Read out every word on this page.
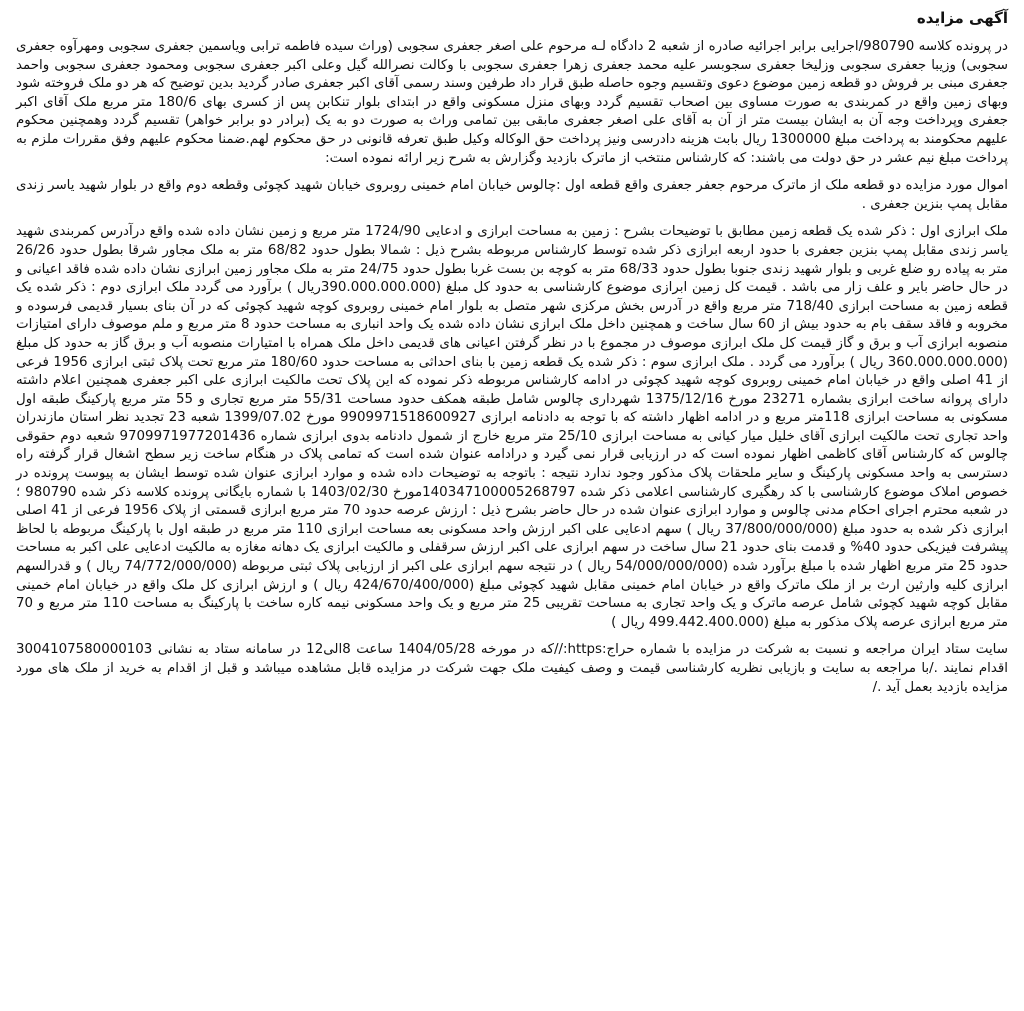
آگهی مزایده

در پرونده کلاسه 980790/اجرایی برابر اجرائیه صادره از شعبه 2 دادگاه لـه مرحوم علی اصغر جعفری سجوبی (وراث سیده فاطمه ترابی ویاسمین جعفری سجوبی ومهرآوه جعفری سجوبی) وزیبا جعفری سجوبی وزلیخا جعفری سجوبسر علیه محمد جعفری زهرا جعفری سجوبی با وکالت نصرالله گیل وعلی اکبر جعفری سجوبی ومحمود جعفری سجوبی واحمد جعفری مبنی بر فروش دو قطعه زمین موضوع دعوی وتقسیم وجوه حاصله طبق قرار داد طرفین وسند رسمی آقای اکبر جعفری صادر گردید بدین توضیح که هر دو ملک فروخته شود وبهای زمین واقع در کمربندی به صورت مساوی بین اصحاب تقسیم گردد وبهای منزل مسکونی واقع در ابتدای بلوار تنکابن پس از کسری بهای 180/6 متر مربع ملک آقای اکبر جعفری وپرداخت وجه آن به ایشان بیست متر از آن به آقای علی اصغر جعفری مابقی بین تمامی وراث به صورت دو به یک (برادر دو برابر خواهر) تقسیم گردد وهمچنین محکوم علیهم محکومند به پرداخت مبلغ 1300000 ریال بابت هزینه دادرسی ونیز پرداخت حق الوکاله وکیل طبق تعرفه قانونی در حق محکوم لهم.ضمنا محکوم علیهم وفق مقررات ملزم به پرداخت مبلغ نیم عشر در حق دولت می باشند: که کارشناس منتخب از ماترک بازدید وگزارش به شرح زیر ارائه نموده است:

اموال مورد مزایده دو قطعه ملک از ماترک مرحوم جعفر جعفری واقع قطعه اول :چالوس خیابان امام خمینی روبروی خیابان شهید کچوئی وقطعه دوم واقع در بلوار شهید یاسر زندی مقابل پمپ بنزین جعفری .

ملک ابرازی اول : ذکر شده یک قطعه زمین مطابق با توضیحات بشرح : زمین به مساحت ابرازی و ادعایی 1724/90 متر مربع و زمین نشان داده شده واقع درآدرس کمربندی شهید یاسر زندی مقابل پمپ بنزین جعفری با حدود اربعه ابرازی ذکر شده توسط کارشناس مربوطه بشرح ذیل : شمالا بطول حدود 68/82 متر به ملک مجاور شرقا بطول حدود 26/26 متر به پیاده رو ضلع غربی و بلوار شهید زندی جنوبا بطول حدود 68/33 متر به کوچه بن بست غربا بطول حدود 24/75 متر به ملک مجاور زمین ابرازی نشان داده شده فاقد اعیانی و در حال حاضر بایر و علف زار می باشد . قیمت کل زمین ابرازی موضوع کارشناسی به حدود کل مبلغ (390.000.000.000ریال ) برآورد می گردد ملک ابرازی دوم : ذکر شده یک قطعه زمین به مساحت ابرازی 718/40 متر مربع واقع در آدرس بخش مرکزی شهر متصل به بلوار امام خمینی روبروی کوچه شهید کچوئی که در آن بنای بسیار قدیمی فرسوده و مخروبه و فاقد سقف بام به حدود بیش از 60 سال ساخت و همچنین داخل ملک ابرازی نشان داده شده یک واحد انباری به مساحت حدود 8 متر مربع و ملم موصوف دارای امتیازات منصوبه ابرازی آب و برق و گاز قیمت کل ملک ابرازی موصوف در مجموع با در نظر گرفتن اعیانی های قدیمی داخل ملک همراه با امتیارات منصوبه آب و برق گاز به حدود کل مبلغ (360.000.000.000 ریال ) برآورد می گردد . ملک ابرازی سوم : ذکر شده یک قطعه زمین با بنای احداثی به مساحت حدود 180/60 متر مربع تحت پلاک ثبتی ابرازی 1956 فرعی از 41 اصلی واقع در خیابان امام خمینی روبروی کوچه شهید کچوئی در ادامه کارشناس مربوطه ذکر نموده که این پلاک تحت مالکیت ابرازی علی اکبر جعفری همچنین اعلام داشته دارای پروانه ساخت ابرازی بشماره 23271 مورخ 1375/12/16 شهرداری چالوس شامل طبقه همکف حدود مساحت 55/31 متر مربع تجاری و 55 متر مربع پارکینگ طبقه اول مسکونی به مساحت ابرازی 118متر مربع و در ادامه اظهار داشته که با توجه به دادنامه ابرازی 9909971518600927 مورخ 1399/07.02 شعبه 23 تجدید نظر استان مازندران واحد تجاری تحت مالکیت ابرازی آقای خلیل میار کیانی به مساحت ابرازی 25/10 متر مربع خارج از شمول دادنامه بدوی ابرازی شماره 9709971977201436 شعبه دوم حقوقی چالوس که کارشناس آقای کاظمی اظهار نموده است که در ارزیابی قرار نمی گیرد و درادامه عنوان شده است که تمامی پلاک در هنگام ساخت زیر سطح اشغال قرار گرفته راه دسترسی به واحد مسکونی پارکینگ و سایر ملحقات پلاک مذکور وجود ندارد نتیجه : باتوجه به توضیحات داده شده و موارد ابرازی عنوان شده توسط ایشان به پیوست پرونده در خصوص املاک موضوع کارشناسی با کد رهگیری کارشناسی اعلامی ذکر شده 140347100005268797مورخ 1403/02/30 با شماره بایگانی پرونده کلاسه ذکر شده 980790 ؛ در شعبه محترم اجرای احکام مدنی چالوس و موارد ابرازی عنوان شده در حال حاضر بشرح ذیل : ارزش عرصه حدود 70 متر مربع ابرازی قسمتی از پلاک 1956 فرعی از 41 اصلی ابرازی ذکر شده به حدود مبلغ (37/800/000/000 ریال ) سهم ادعایی علی اکبر ارزش واحد مسکونی بعه مساحت ابرازی 110 متر مربع در طبقه اول با پارکینگ مربوطه با لحاظ پیشرفت فیزیکی حدود 40% و قدمت بنای حدود 21 سال ساخت در سهم ابرازی علی اکبر ارزش سرقفلی و مالکیت ابرازی یک دهانه مغازه به مالکیت ادعایی علی اکبر به مساحت حدود 25 متر مربع اظهار شده با مبلغ برآورد شده (54/000/000/000 ریال ) در نتیجه سهم ابرازی علی اکبر از ارزیابی پلاک ثبتی مربوطه (74/772/000/000 ریال ) و قدرالسهم ابرازی کلیه وارثین ارث بر از ملک ماترک واقع در خیابان امام خمینی مقابل شهید کچوئی مبلغ (424/670/400/000 ریال ) و ارزش ابرازی کل ملک واقع در خیابان امام خمینی مقابل کوچه شهید کچوئی شامل عرصه ماترک و یک واحد تجاری به مساحت تقریبی 25 متر مربع و یک واحد مسکونی نیمه کاره ساخت با پارکینگ به مساحت 110 متر مربع و 70 متر مربع ابرازی عرصه پلاک مذکور به مبلغ (499.442.400.000 ریال )

سایت ستاد ایران مراجعه و نسبت به شرکت در مزایده با شماره حراج:https://که در مورخه 1404/05/28 ساعت 8الی12 در سامانه ستاد به نشانی 3004107580000103 اقدام نمایند ./با مراجعه به سایت و بازیابی نظریه کارشناسی قیمت و وصف کیفیت ملک جهت شرکت در مزایده قابل مشاهده میباشد و قبل از اقدام به خرید از ملک های مورد مزایده بازدید بعمل آید ./
